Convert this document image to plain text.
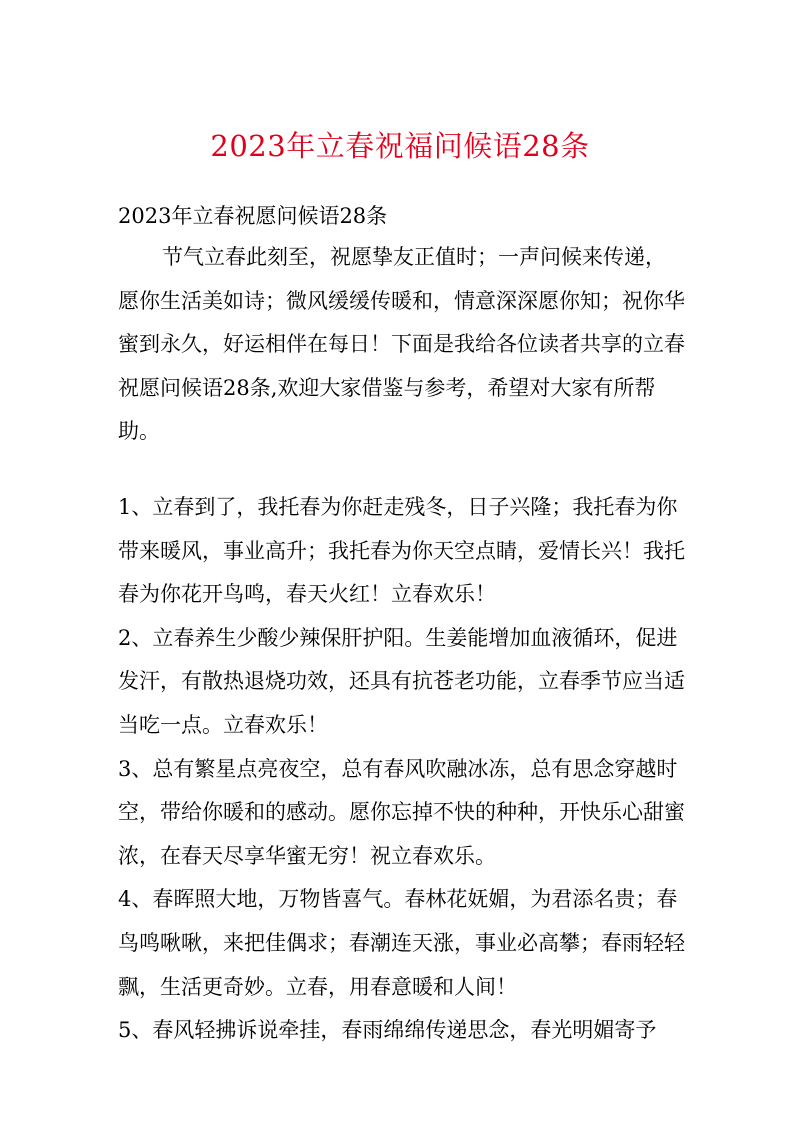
2023年立春祝福问候语28条

2023年立春祝愿问候语28条

节气立春此刻至，祝愿挚友正值时；一声问候来传递，愿你生活美如诗；微风缓缓传暖和，情意深深愿你知；祝你华蜜到永久，好运相伴在每日！下面是我给各位读者共享的立春祝愿问候语28条,欢迎大家借鉴与参考，希望对大家有所帮助。

1、立春到了，我托春为你赶走残冬，日子兴隆；我托春为你带来暖风，事业高升；我托春为你天空点睛，爱情长兴！我托春为你花开鸟鸣，春天火红！立春欢乐！
2、立春养生少酸少辣保肝护阳。生姜能增加血液循环，促进发汗，有散热退烧功效，还具有抗苍老功能，立春季节应当适当吃一点。立春欢乐！
3、总有繁星点亮夜空，总有春风吹融冰冻，总有思念穿越时空，带给你暖和的感动。愿你忘掉不快的种种，开快乐心甜蜜浓，在春天尽享华蜜无穷！祝立春欢乐。
4、春晖照大地，万物皆喜气。春林花妩媚，为君添名贵；春鸟鸣啾啾，来把佳偶求；春潮连天涨，事业必高攀；春雨轻轻飘，生活更奇妙。立春，用春意暖和人间！
5、春风轻拂诉说牵挂，春雨绵绵传递思念，春光明媚寄予
